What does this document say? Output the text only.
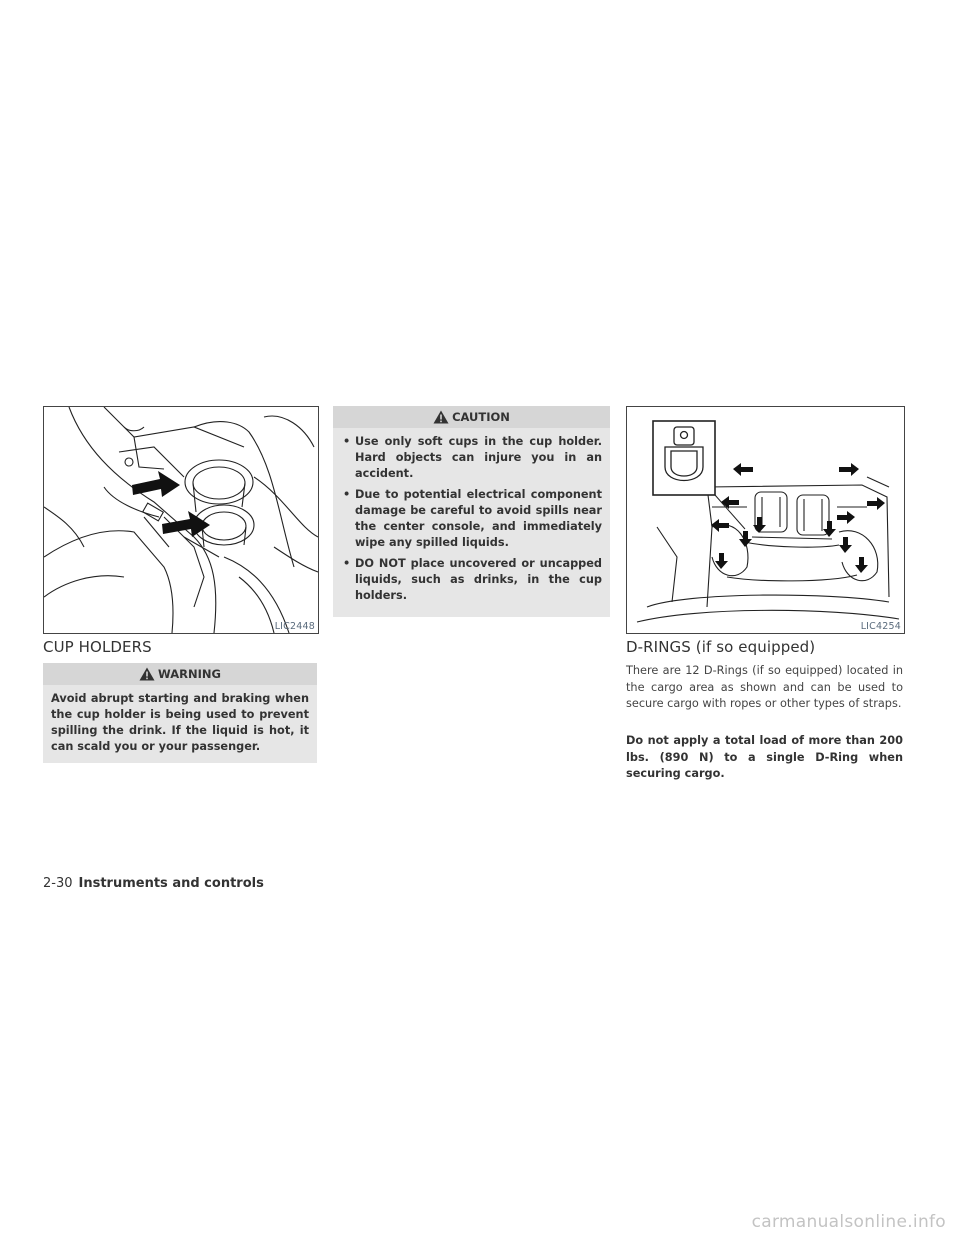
LIC2448
CUP HOLDERS
WARNING
Avoid abrupt starting and braking when the cup holder is being used to prevent spilling the drink. If the liquid is hot, it can scald you or your passenger.
CAUTION
• Use only soft cups in the cup holder. Hard objects can injure you in an accident.
• Due to potential electrical component damage be careful to avoid spills near the center console, and immediately wipe any spilled liquids.
• DO NOT place uncovered or uncapped liquids, such as drinks, in the cup holders.
LIC4254
D-RINGS (if so equipped)
There are 12 D-Rings (if so equipped) located in the cargo area as shown and can be used to secure cargo with ropes or other types of straps.
Do not apply a total load of more than 200 lbs. (890 N) to a single D-Ring when securing cargo.
2-30 Instruments and controls
carmanualsonline.info
